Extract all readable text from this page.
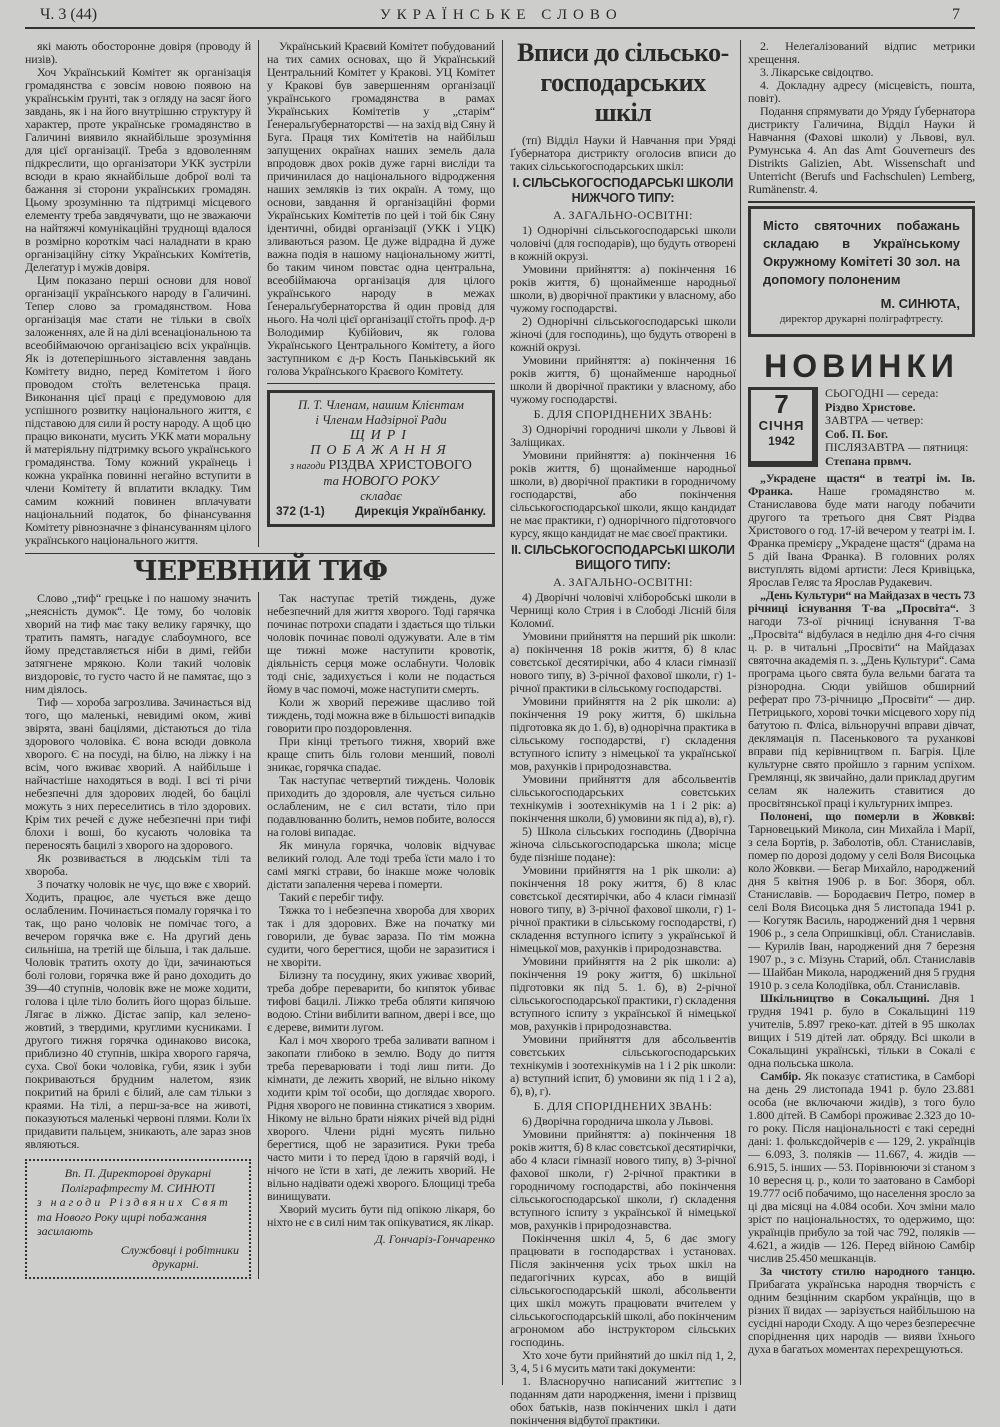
Ч. 3 (44)	УКРАЇНСЬКЕ СЛОВО	7

які мають обосторонне довіря (проводу й низів).

Хоч Український Комітет як організація громадянства є зовсім новою появою на українськім ґрунті, так з огляду на засяг його завдань, як і на його внутрішню структуру й характер, проте українське громадянство в Галичині виявило якнайбільше зрозуміння для цієї організації. Треба з вдоволенням підкреслити, що організатори УКК зустріли всюди в краю якнайбільше доброї волі та бажання зі сторони українських громадян. Цьому зрозумінню та підтримці місцевого елементу треба завдячувати, що не зважаючи на найтяжчі комунікаційні труднощі вдалося в розмірно короткім часі наладнати в краю організаційну сітку Українських Комітетів, Делеґатур і мужів довіря.

Цим показано перші основи для нової організації українського народу в Галичині. Тепер слово за громадянством. Нова організація має стати не тільки в своїх заложеннях, але й на ділі всенаціональною та всеобіймаючою організацією всіх українців. Як із дотеперішнього зіставлення завдань Комітету видно, перед Комітетом і його проводом стоїть велетенська праця. Виконання цієї праці є предумовою для успішного розвитку національного життя, є підставою для сили й росту народу. А щоб цю працю виконати, мусить УКК мати моральну й матеріяльну підтримку всього українського громадянства. Тому кожний українець і кожна українка повинні негайно вступити в члени Комітету й вплатити вкладку. Тим самим кожний повинен вплачувати національний податок, бо фінансування Комітету рівнозначне з фінансуванням цілого українського національного життя.

Український Краєвий Комітет побудований на тих самих основах, що й Український Центральний Комітет у Кракові. УЦ Комітет у Кракові був завершенням організації українського громадянства в рамах Українських Комітетів у „старім“ Ґенеральґубернаторстві — на захід від Сяну й Буга. Праця тих Комітетів на найбільш запущених окраїнах наших земель дала впродовж двох років дуже гарні висліди та причинилася до національного відродження наших земляків із тих окраїн. А тому, що основи, завдання й організаційні форми Українських Комітетів по цей і той бік Сяну ідентичні, обидві організації (УКК і УЦК) зливаються разом. Це дуже відрадна й дуже важна подія в нашому національному житті, бо таким чином повстає одна центральна, всеобіймаюча організація для цілого українського народу в межах Ґенеральґубернаторства й один провід для нього. На чолі цієї організації стоїть проф. д-р Володимир Кубійович, як голова Українського Центрального Комітету, а його заступником є д-р Кость Паньківський як голова Українського Краєвого Комітету.

П. Т. Членам, нашим Клієнтам
і Членам Надзірної Ради
ЩИРІ ПОБАЖАННЯ
з нагоди РІЗДВА ХРИСТОВОГО
та НОВОГО РОКУ
складає
372 (1-1)	Дирекція Українбанку.
ЧЕРЕВНИЙ ТИФ

Слово „тиф“ грецьке і по нашому значить „неясність думок“. Це тому, бо чоловік хворий на тиф має таку велику гарячку, що тратить память, нагадує слабоумного, все йому представляється ніби в димі, гейби затягнене мрякою. Коли такий чоловік виздоровіє, то густо часто й не памятає, що з ним діялось.

Тиф — хороба загрозлива. Зачинається від того, що маленькі, невидимі оком, живі звірята, звані бацілями, дістаються до тіла здорового чоловіка. Є вона всюди довкола хворого. Є на посуді, на білю, на ліжку і на всім, чого вживає хворий. А найбільше і найчастіше находяться в воді. І всі ті річи небезпечні для здорових людей, бо бацілі можуть з них переселитись в тіло здорових. Крім тих речей є дуже небезпечні при тифі блохи і воші, бо кусають чоловіка та переносять бацилі з хворого на здорового.

Як розвивається в людськім тілі та хвороба.

З початку чоловік не чує, що вже є хворий. Ходить, працює, але чується вже дещо ослабленим. Починається помалу горячка і то так, що рано чоловік не помічає того, а вечером горячка вже є. На другий день сильніша, на третій ще більша, і так дальше. Чоловік тратить охоту до їди, зачинаються болі голови, горячка вже й рано доходить до 39—40 ступнів, чоловік вже не може ходити, голова і ціле тіло болить його щораз більше. Лягає в ліжко. Дістає запір, кал зелено-жовтий, з твердими, круглими кусниками. І другого тижня горячка одинаково висока, приблизно 40 ступнів, шкіра хворого гаряча, суха. Свої боки чоловіка, губи, язик і зуби покриваються брудним налетом, язик покритий на брилі є білий, але сам тільки з краями. На тілі, а перш-за-все на животі, показуються маленькі червоні плями. Коли їх придавити пальцем, зникають, але зараз знов являються.

Вп. П. Директорові друкарні
Поліграфтресту М. СИНЮТІ
з нагоди Різдвяних Свят
та Нового Року щирі побажання
засилають
Службовці і робітники
друкарні.

Так наступає третій тиждень, дуже небезпечний для життя хворого. Тоді гарячка починає потрохи спадати і здається що тільки чоловік починає поволі одужувати. Але в тім ще тижні може наступити кровотік, діяльність серця може ослабнути. Чоловік тоді сніє, задихується і коли не подасться йому в час помочі, може наступити смерть.

Коли ж хворий переживе щасливо той тиждень, тоді можна вже в більшості випадків говорити про поздоровлення.

При кінці третього тижня, хворий вже краще спить біль голови менший, поволі зникає, горячка спадає.

Так наступає четвертий тиждень. Чоловік приходить до здоровля, але чується сильно ослабленим, не є сил встати, тіло при подавлюванню болить, немов побите, волосся на голові випадає.

Як минула горячка, чоловік відчуває великий голод. Але тоді треба їсти мало і то самі мягкі страви, бо інакше може чоловік дістати запалення черева і померти.

Такий є перебіг тифу.

Тяжка то і небезпечна хвороба для хворих так і для здорових. Вже на початку ми говорили, де буває зараза. По тім можна судити, чого берегтися, щоби не заразитися і не хворіти.

Білизну та посудину, яких уживає хворий, треба добре переварити, бо кипяток убиває тифові бацилі. Ліжко треба обляти кипячою водою. Стіни вибілити вапном, двері і все, що є дереве, вимити лугом.

Кал і моч хворого треба заливати вапном і закопати глибоко в землю. Воду до пиття треба переварювати і тоді лиш пити. До кімнати, де лежить хворий, не вільно нікому ходити крім тої особи, що доглядає хворого. Рідня хворого не повинна стикатися з хворим. Нікому не вільно брати ніяких річей від рідні хворого. Члени рідні мусять пильно берегтися, щоб не заразитися. Руки треба часто мити і то перед їдою в гарячій воді, і нічого не їсти в хаті, де лежить хворий. Не вільно надівати одежі хворого. Блощиці треба винищувати.

Хворий мусить бути під опікою лікаря, бо ніхто не є в силі ним так опікуватися, як лікар.

Д. Гончаріз-Гончаренко
Вписи до сільсько-господарських шкіл

(тп) Відділ Науки й Навчання при Уряді Ґубернатора дистрикту оголосив вписи до таких сільськогосподарських шкіл:

I. СІЛЬСЬКОГОСПОДАРСЬКІ ШКОЛИ НИЖЧОГО ТИПУ:

А. ЗАГАЛЬНО-ОСВІТНІ:

1) Однорічні сільськогосподарські школи чоловічі (для господарів), що будуть отворені в кожній окрузі.

Умовини прийняття: а) покінчення 16 років життя, б) щонайменше народньої школи, в) дворічної практики у власному, або чужому господарстві.

2) Однорічні сільськогосподарські школи жіночі (для господинь), що будуть отворені в кожній окрузі.

Умовини прийняття: а) покінчення 16 років життя, б) щонайменше народньої школи й дворічної практики у власному, або чужому господарстві.

Б. ДЛЯ СПОРІДНЕНИХ ЗВАНЬ:

3) Однорічні городничі школи у Львові й Заліщиках.

Умовини прийняття: а) покінчення 16 років життя, б) щонайменше народньої школи, в) дворічної практики в городничому господарстві, або покінчення сільськогосподарської школи, якщо кандидат не має практики, г) однорічного підготовчого курсу, якщо кандидат не має своєї практики.

II. СІЛЬСЬКОГОСПОДАРСЬКІ ШКОЛИ ВИЩОГО ТИПУ:

А. ЗАГАЛЬНО-ОСВІТНІ:

4) Дворічні чоловічі хліборобські школи в Чернищі коло Стрия і в Слободі Лісній біля Коломиї.

Умовини прийняття на перший рік школи: а) покінчення 18 років життя, б) 8 клас совєтської десятирічки, або 4 класи гімназії нового типу, в) 3-річної фахової школи, г) 1-річної практики в сільському господарстві.

Умовини прийняття на 2 рік школи: а) покінчення 19 року життя, б) шкільна підготовка як до 1. б), в) однорічна практика в сільському господарстві, г) складення вступного іспиту з німецької та української мов, рахунків і природознавства.

Умовини прийняття для абсольвентів сільськогосподарських совєтських технікумів і зоотехнікумів на 1 і 2 рік: а) покінчення школи, б) умовини як під а), в), г).

5) Школа сільських господинь (Дворічна жіноча сільськогосподарська школа; місце буде пізніше подане):

Умовини прийняття на 1 рік школи: а) покінчення 18 року життя, б) 8 клас совєтської десятирічки, або 4 класи гімназії нового типу, в) 3-річної фахової школи, г) 1-річної практики в сільському господарстві, ґ) складення вступного іспиту з української й німецької мов, рахунків і природознавства.

Умовини прийняття на 2 рік школи: а) покінчення 19 року життя, б) шкільної підготовки як під 5. 1. б), в) 2-річної сільськогосподарської практики, г) складення вступного іспиту з української й німецької мов, рахунків і природознавства.

Умовини прийняття для абсольвентів совєтських сільськогосподарських технікумів і зоотехнікумів на 1 і 2 рік школи: а) вступний іспит, б) умовини як під 1 і 2 а), б), в), г).

Б. ДЛЯ СПОРІДНЕНИХ ЗВАНЬ:

6) Дворічна городнича школа у Львові.

Умовини прийняття: а) покінчення 18 років життя, б) 8 клас совєтської десятирічки, або 4 класи гімназії нового типу, в) 3-річної фахової школи, г) 2-річної практики в городничому господарстві, або покінчення сільськогосподарської школи, ґ) складення вступного іспиту з української й німецької мов, рахунків і природознавства.

Покінчення шкіл 4, 5, 6 дає змогу працювати в господарствах і установах. Після закінчення усіх трьох шкіл на педагогічних курсах, або в вищій сільськогосподарській школі, абсольвенти цих шкіл можуть працювати вчителем у сільськогосподарській школі, або покінченим агрономом або інструктором сільських господинь.

Хто хоче бути прийнятий до шкіл під 1, 2, 3, 4, 5 і 6 мусить мати такі документи:

1. Власноручно написаний життєпис з поданням дати народження, імени і прізвищ обох батьків, назв покінчених шкіл і дати покінчення відбутої практики.

2. Нелеґалізований відпис метрики хрещення.

3. Лікарське свідоцтво.

4. Докладну адресу (місцевість, пошта, повіт).

Подання спрямувати до Уряду Ґубернатора дистрикту Галичина, Відділ Науки й Навчання (Фахові школи) у Львові, вул. Румунська 4. An das Amt Gouverneurs des Distrikts Galizien, Abt. Wissenschaft und Unterricht (Berufs und Fachschulen) Lemberg, Rumänenstr. 4.

Місто святочних побажань складаю в Українському Окружному Комітеті 30 зол. на допомогу полоненим
М. СИНЮТА,
директор друкарні поліграфтресту.
НОВИНКИ
7
СІЧНЯ
1942
СЬОГОДНІ — середа:
Різдво Христове.
ЗАВТРА — четвер:
Соб. П. Бог.
ПІСЛЯЗАВТРА — пятниця:
Степана првмч.

„Украдене щастя“ в театрі ім. Ів. Франка. Наше громадянство м. Станиславова буде мати нагоду побачити другого та третього дня Свят Різдва Христового о год. 17-ій вечером у театрі ім. І. Франка премієру „Украдене щастя“ (драма на 5 дій Івана Франка). В головних ролях виступлять відомі артисти: Леся Кривіцька, Ярослав Геляс та Ярослав Рудакевич.

„День Культури“ на Майдазах в честь 73 річниці існування Т-ва „Просвіта“. З нагоди 73-ої річниці існування Т-ва „Просвіта“ відбулася в неділю дня 4-го січня ц. р. в читальні „Просвіти“ на Майдазах святочна академія п. з. „День Культури“. Сама програма цього свята була вельми багата та різнородна. Сюди увійшов обширний реферат про 73-річницю „Просвіти“ — дир. Петрицького, хорові точки місцевого хору під батутою п. Фліса, вільноручні вправи дівчат, деклямація п. Пасенькового та руханкові вправи під керівництвом п. Багрія. Ціле культурне свято пройшло з гарним успіхом. Гремлянці, як звичайно, дали приклад другим селам як належить ставитися до просвітянської праці і культурних імпрез.

Полонені, що померли в Жовкві: Тарновецький Микола, син Михайла і Марії, з села Бортів, р. Заболотів, обл. Станиславів, помер по дорозі додому у селі Воля Висоцька коло Жовкви. — Бегар Михайло, народжений дня 5 квітня 1906 р. в Бог. Зборя, обл. Станиславів. — Бородаєвич Петро, помер в селі Воля Висоцька дня 5 листопада 1941 р. — Когутяк Василь, народжений дня 1 червня 1906 р., з села Опришківці, обл. Станиславів. — Курилів Іван, народжений дня 7 березня 1907 р., з с. Мізунь Старий, обл. Станиславів — Шайбан Микола, народжений дня 5 грудня 1910 р. з села Колодіївка, обл. Станиславів.

Шкільництво в Сокальщині. Дня 1 грудня 1941 р. було в Сокальщині 119 учителів, 5.897 греко-кат. дітей в 95 школах вищих і 519 дітей лат. обряду. Всі школи в Сокальщині українські, тільки в Сокалі є одна польська школа.

Самбір. Як показує статистика, в Самборі на день 29 листопада 1941 р. було 23.881 особа (не включаючи жидів), з того було 1.800 дітей. В Самборі проживає 2.323 до 10-го року. Після національності є такі середні дані: 1. фольксдойчерів є — 129, 2. українців — 6.093, 3. поляків — 11.667, 4. жидів — 6.915, 5. інших — 53. Порівнюючи зі станом з 10 вересня ц. р., коли то заатовано в Самборі 19.777 осіб побачимо, що населення зросло за ці два місяці на 4.084 особи. Хоч зміни мало зріст по національностях, то одержимо, що: українців прибуло за той час 792, поляків — 4.621, а жидів — 126. Перед війною Самбір числив 25.450 мешканців.

За чистоту стилю народного танцю. Прибагата українська народня творчість є одним безцінним скарбом українців, що в різних її видах — зарізується найбільшою на сусідні народи Сходу. А що через безпереєчне споріднення цих народів — вияви їхнього духа в багатьох моментах перехрещуються.
